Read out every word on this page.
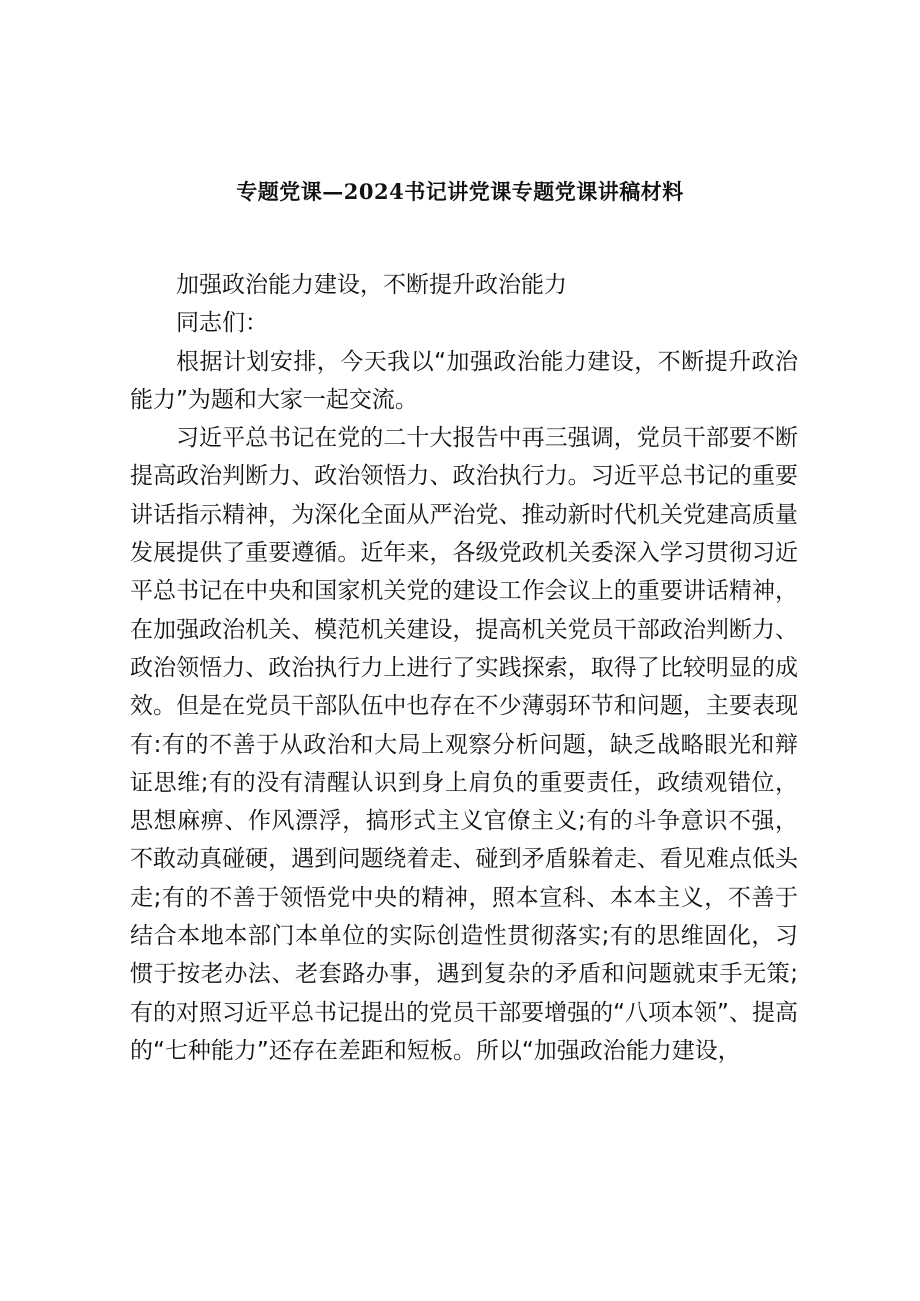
专题党课—2024书记讲党课专题党课讲稿材料

加强政治能力建设，不断提升政治能力

同志们：

根据计划安排，今天我以“加强政治能力建设，不断提升政治能力”为题和大家一起交流。

习近平总书记在党的二十大报告中再三强调，党员干部要不断提高政治判断力、政治领悟力、政治执行力。习近平总书记的重要讲话指示精神，为深化全面从严治党、推动新时代机关党建高质量发展提供了重要遵循。近年来，各级党政机关委深入学习贯彻习近平总书记在中央和国家机关党的建设工作会议上的重要讲话精神，在加强政治机关、模范机关建设，提高机关党员干部政治判断力、政治领悟力、政治执行力上进行了实践探索，取得了比较明显的成效。但是在党员干部队伍中也存在不少薄弱环节和问题，主要表现有:有的不善于从政治和大局上观察分析问题，缺乏战略眼光和辩证思维;有的没有清醒认识到身上肩负的重要责任，政绩观错位，思想麻痹、作风漂浮，搞形式主义官僚主义;有的斗争意识不强，不敢动真碰硬，遇到问题绕着走、碰到矛盾躲着走、看见难点低头走;有的不善于领悟党中央的精神，照本宣科、本本主义，不善于结合本地本部门本单位的实际创造性贯彻落实;有的思维固化，习惯于按老办法、老套路办事，遇到复杂的矛盾和问题就束手无策;有的对照习近平总书记提出的党员干部要增强的“八项本领”、提高的“七种能力”还存在差距和短板。所以“加强政治能力建设，
